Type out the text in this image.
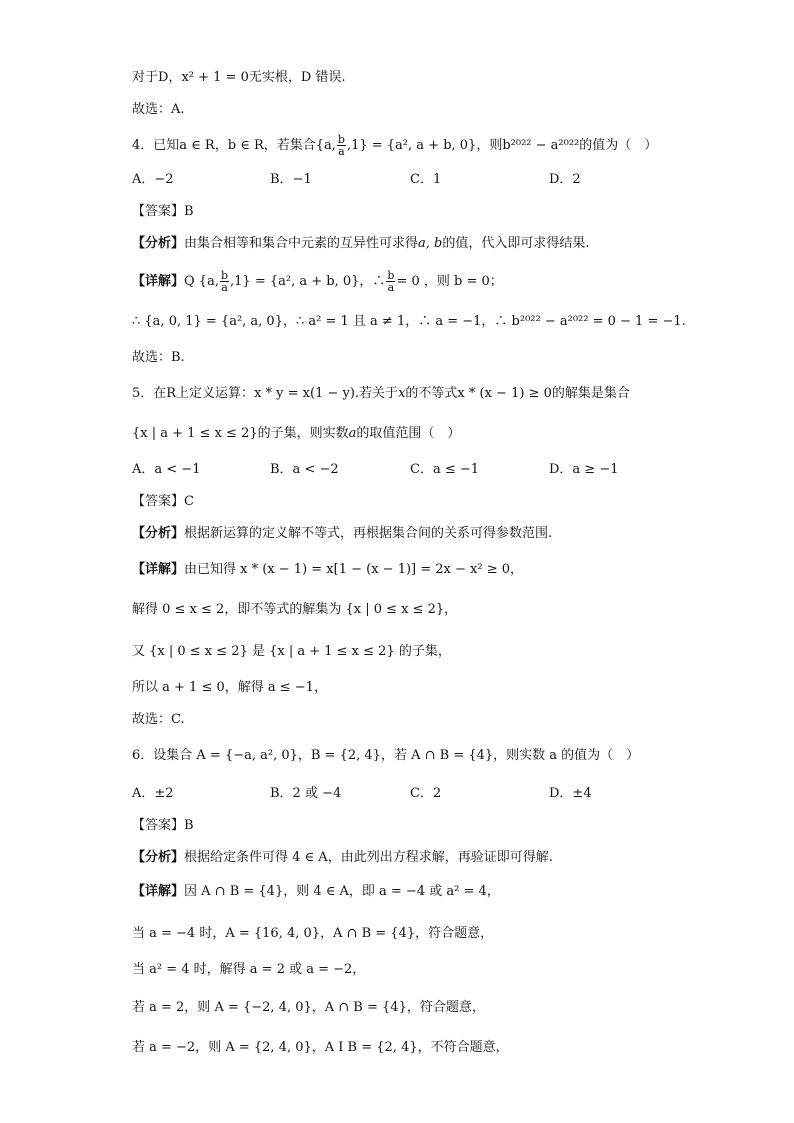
对于D，x² + 1 = 0无实根，D 错误.
故选：A.
4．已知a ∈ R，b ∈ R，若集合{a, $\frac{b}{a} ,1\} = \{a^2$, a + b, 0}，则b²⁰²² − a²⁰²²的值为（　）
A．−2	B．−1	C．1	D．2
【答案】B
【分析】由集合相等和集合中元素的互异性可求得a, b的值，代入即可求得结果.
【详解】Q {a, $\frac{b}{a} ,1\} = \{a^2$, a + b, 0}，∴ $\frac{b}{a} = 0$ ，则 b = 0；
∴ {a, 0, 1} = {a², a, 0}，∴ a² = 1 且 a ≠ 1，∴ a = −1，∴ b²⁰²² − a²⁰²² = 0 − 1 = −1.
故选：B.
5．在R上定义运算：x * y = x(1 − y).若关于x的不等式x * (x − 1) ≥ 0的解集是集合
{x | a + 1 ≤ x ≤ 2}的子集，则实数a的取值范围（　）
A．a < −1	B．a < −2	C．a ≤ −1	D．a ≥ −1
【答案】C
【分析】根据新运算的定义解不等式，再根据集合间的关系可得参数范围.
【详解】由已知得 x * (x − 1) = x[1 − (x − 1)] = 2x − x² ≥ 0，
解得 0 ≤ x ≤ 2，即不等式的解集为 {x | 0 ≤ x ≤ 2}，
又 {x | 0 ≤ x ≤ 2} 是 {x | a + 1 ≤ x ≤ 2} 的子集，
所以 a + 1 ≤ 0，解得 a ≤ −1，
故选：C.
6．设集合 A = {−a, a², 0}，B = {2, 4}，若 A ∩ B = {4}，则实数 a 的值为（　）
A．±2	B．2 或 −4	C．2	D．±4
【答案】B
【分析】根据给定条件可得 4 ∈ A，由此列出方程求解，再验证即可得解.
【详解】因 A ∩ B = {4}，则 4 ∈ A，即 a = −4 或 a² = 4，
当 a = −4 时，A = {16, 4, 0}，A ∩ B = {4}，符合题意，
当 a² = 4 时，解得 a = 2 或 a = −2，
若 a = 2，则 A = {−2, 4, 0}，A ∩ B = {4}，符合题意，
若 a = −2，则 A = {2, 4, 0}，A I B = {2, 4}，不符合题意，
